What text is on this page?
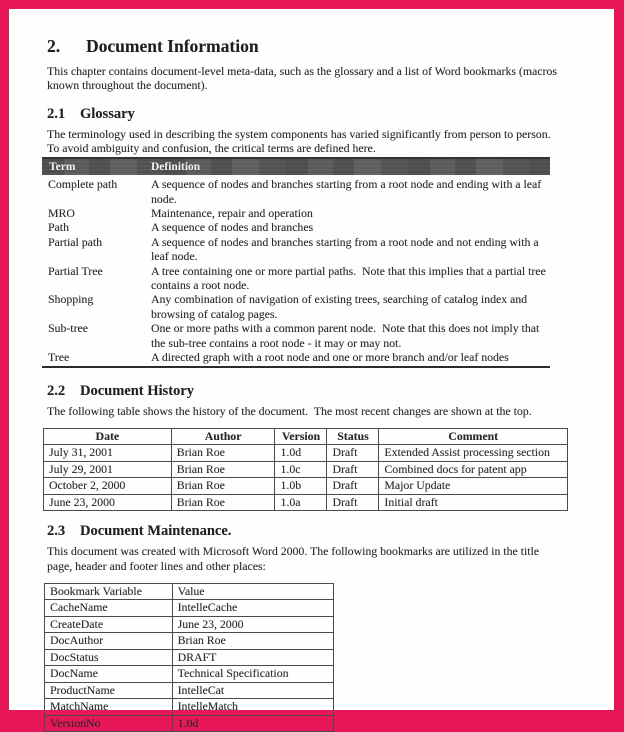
2.	Document Information

This chapter contains document-level meta-data, such as the glossary and a list of Word bookmarks (macros known throughout the document).

2.1	Glossary

The terminology used in describing the system components has varied significantly from person to person.  To avoid ambiguity and confusion, the critical terms are defined here.

Term	Definition
Complete path	A sequence of nodes and branches starting from a root node and ending with a leaf node.
MRO	Maintenance, repair and operation
Path	A sequence of nodes and branches
Partial path	A sequence of nodes and branches starting from a root node and not ending with a leaf node.
Partial Tree	A tree containing one or more partial paths.  Note that this implies that a partial tree contains a root node.
Shopping	Any combination of navigation of existing trees, searching of catalog index and browsing of catalog pages.
Sub-tree	One or more paths with a common parent node.  Note that this does not imply that the sub-tree contains a root node - it may or may not.
Tree	A directed graph with a root node and one or more branch and/or leaf nodes
2.2	Document History

The following table shows the history of the document.  The most recent changes are shown at the top.

Date	Author	Version	Status	Comment
July 31, 2001	Brian Roe	1.0d	Draft	Extended Assist processing section
July 29, 2001	Brian Roe	1.0c	Draft	Combined docs for patent app
October 2, 2000	Brian Roe	1.0b	Draft	Major Update
June 23, 2000	Brian Roe	1.0a	Draft	Initial draft
2.3	Document Maintenance.

This document was created with Microsoft Word 2000. The following bookmarks are utilized in the title page, header and footer lines and other places:

Bookmark Variable	Value
CacheName	IntelleCache
CreateDate	June 23, 2000
DocAuthor	Brian Roe
DocStatus	DRAFT
DocName	Technical Specification
ProductName	IntelleCat
MatchName	IntelleMatch
VersionNo	1.0d
